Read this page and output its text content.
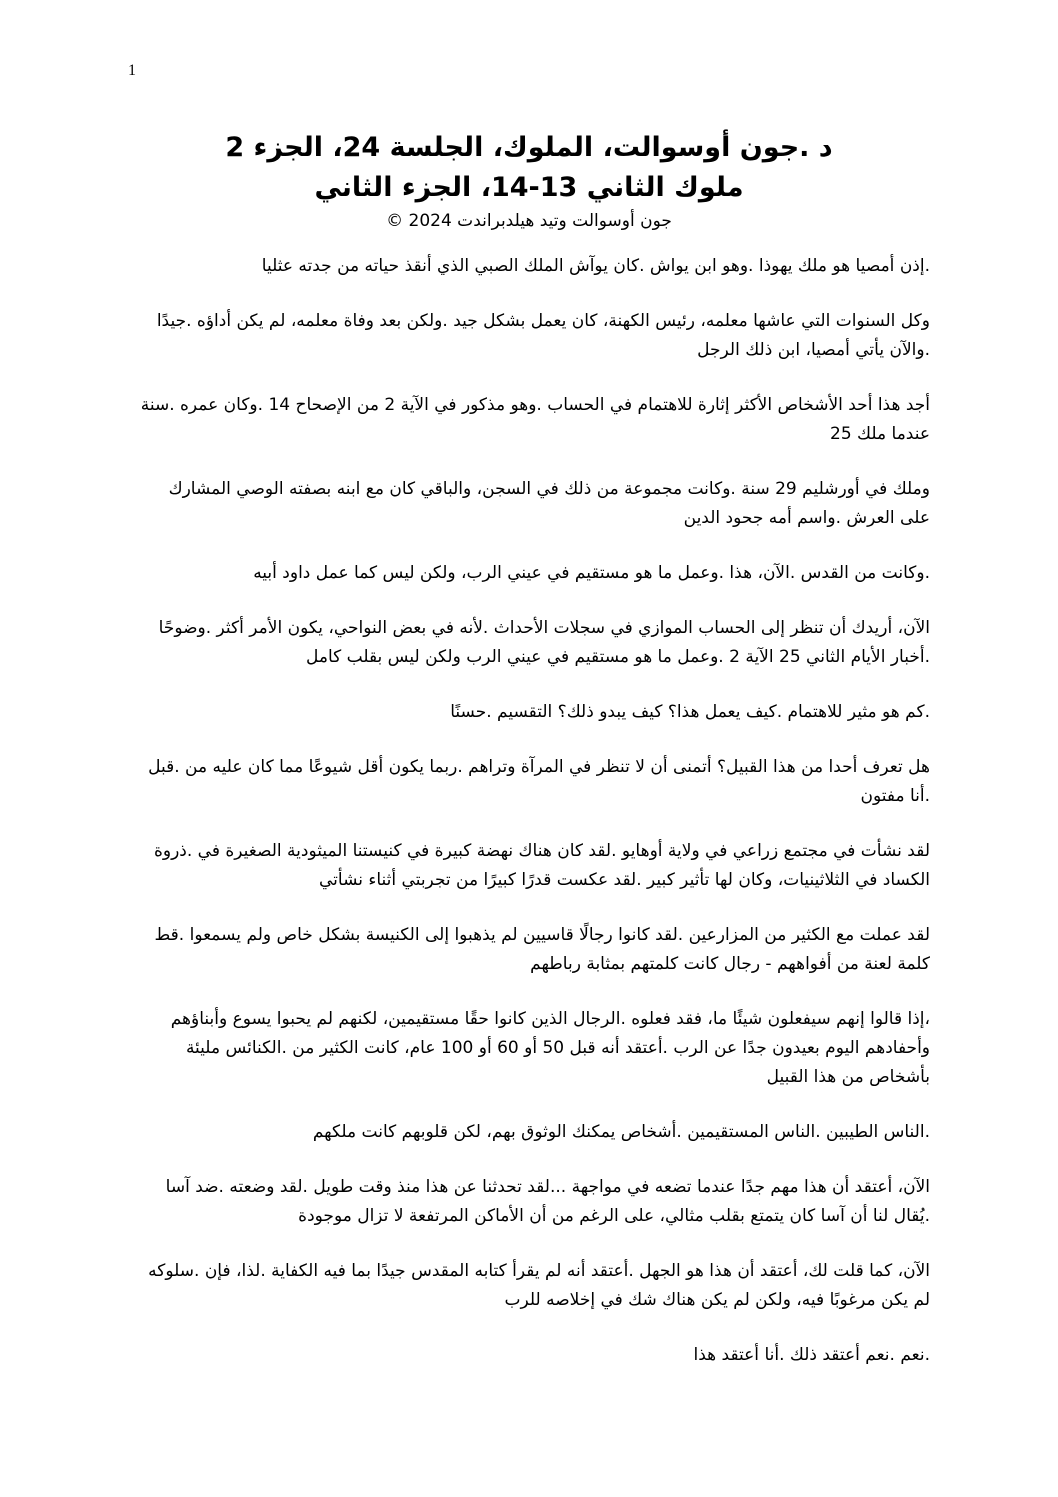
1
د .جون أوسوالت، الملوك، الجلسة 24، الجزء 2
ملوك الثاني 13-14، الجزء الثاني
جون أوسوالت وتيد هيلدبراندت 2024 ©

.إذن أمصيا هو ملك يهوذا .وهو ابن يواش .كان يوآش الملك الصبي الذي أنقذ حياته من جدته عثليا

وكل السنوات التي عاشها معلمه، رئيس الكهنة، كان يعمل بشكل جيد .ولكن بعد وفاة معلمه، لم يكن أداؤه .جيدًا .والآن يأتي أمصيا، ابن ذلك الرجل

أجد هذا أحد الأشخاص الأكثر إثارة للاهتمام في الحساب .وهو مذكور في الآية 2 من الإصحاح 14 .وكان عمره .سنة عندما ملك 25

وملك في أورشليم 29 سنة .وكانت مجموعة من ذلك في السجن، والباقي كان مع ابنه بصفته الوصي المشارك على العرش .واسم أمه جحود الدين

.وكانت من القدس .الآن، هذا .وعمل ما هو مستقيم في عيني الرب، ولكن ليس كما عمل داود أبيه

الآن، أريدك أن تنظر إلى الحساب الموازي في سجلات الأحداث .لأنه في بعض النواحي، يكون الأمر أكثر .وضوحًا .أخبار الأيام الثاني 25 الآية 2 .وعمل ما هو مستقيم في عيني الرب ولكن ليس بقلب كامل

.كم هو مثير للاهتمام .كيف يعمل هذا؟ كيف يبدو ذلك؟ التقسيم .حسنًا

هل تعرف أحدا من هذا القبيل؟ أتمنى أن لا تنظر في المرآة وتراهم .ربما يكون أقل شيوعًا مما كان عليه من .قبل .أنا مفتون

لقد نشأت في مجتمع زراعي في ولاية أوهايو .لقد كان هناك نهضة كبيرة في كنيستنا الميثودية الصغيرة في .ذروة الكساد في الثلاثينيات، وكان لها تأثير كبير .لقد عكست قدرًا كبيرًا من تجربتي أثناء نشأتي

لقد عملت مع الكثير من المزارعين .لقد كانوا رجالًا قاسيين لم يذهبوا إلى الكنيسة بشكل خاص ولم يسمعوا .قط كلمة لعنة من أفواههم - رجال كانت كلمتهم بمثابة رباطهم

،إذا قالوا إنهم سيفعلون شيئًا ما، فقد فعلوه .الرجال الذين كانوا حقًا مستقيمين، لكنهم لم يحبوا يسوع وأبناؤهم وأحفادهم اليوم بعيدون جدًا عن الرب .أعتقد أنه قبل 50 أو 60 أو 100 عام، كانت الكثير من .الكنائس مليئة بأشخاص من هذا القبيل

.الناس الطيبين .الناس المستقيمين .أشخاص يمكنك الوثوق بهم، لكن قلوبهم كانت ملكهم

الآن، أعتقد أن هذا مهم جدًا عندما تضعه في مواجهة ...لقد تحدثنا عن هذا منذ وقت طويل .لقد وضعته .ضد آسا .يُقال لنا أن آسا كان يتمتع بقلب مثالي، على الرغم من أن الأماكن المرتفعة لا تزال موجودة

الآن، كما قلت لك، أعتقد أن هذا هو الجهل .أعتقد أنه لم يقرأ كتابه المقدس جيدًا بما فيه الكفاية .لذا، فإن .سلوكه لم يكن مرغوبًا فيه، ولكن لم يكن هناك شك في إخلاصه للرب

.نعم .نعم أعتقد ذلك .أنا أعتقد هذا
